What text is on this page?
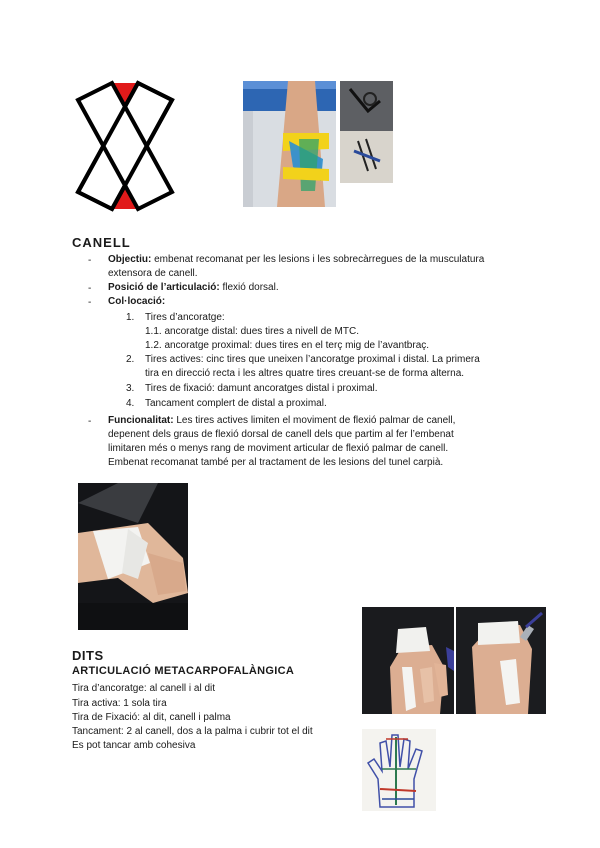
CANELL
- Objectiu: embenat recomanat per les lesions i les sobrecàrregues de la musculatura
extensora de canell.
- Posició de l’articulació: flexió dorsal.
- Col·locació:
1. Tires d’ancoratge:
1.1. ancoratge distal: dues tires a nivell de MTC.
1.2. ancoratge proximal: dues tires en el terç mig de l’avantbraç.
2. Tires actives: cinc tires que uneixen l’ancoratge proximal i distal. La primera
tira en direcció recta i les altres quatre tires creuant-se de forma alterna.
3. Tires de fixació: damunt ancoratges distal i proximal.
4. Tancament complert de distal a proximal.
- Funcionalitat: Les tires actives limiten el moviment de flexió palmar de canell,
depenent dels graus de flexió dorsal de canell dels que partim al fer l’embenat
limitaren més o menys rang de moviment articular de flexió palmar de canell.
Embenat recomanat també per al tractament de les lesions del tunel carpià.
DITS
ARTICULACIÓ METACARPOFALÀNGICA
Tira d’ancoratge: al canell i al dit
Tira activa: 1 sola tira
Tira de Fixació: al dit, canell i palma
Tancament: 2 al canell, dos a la palma i cubrir tot el dit
Es pot tancar amb cohesiva
